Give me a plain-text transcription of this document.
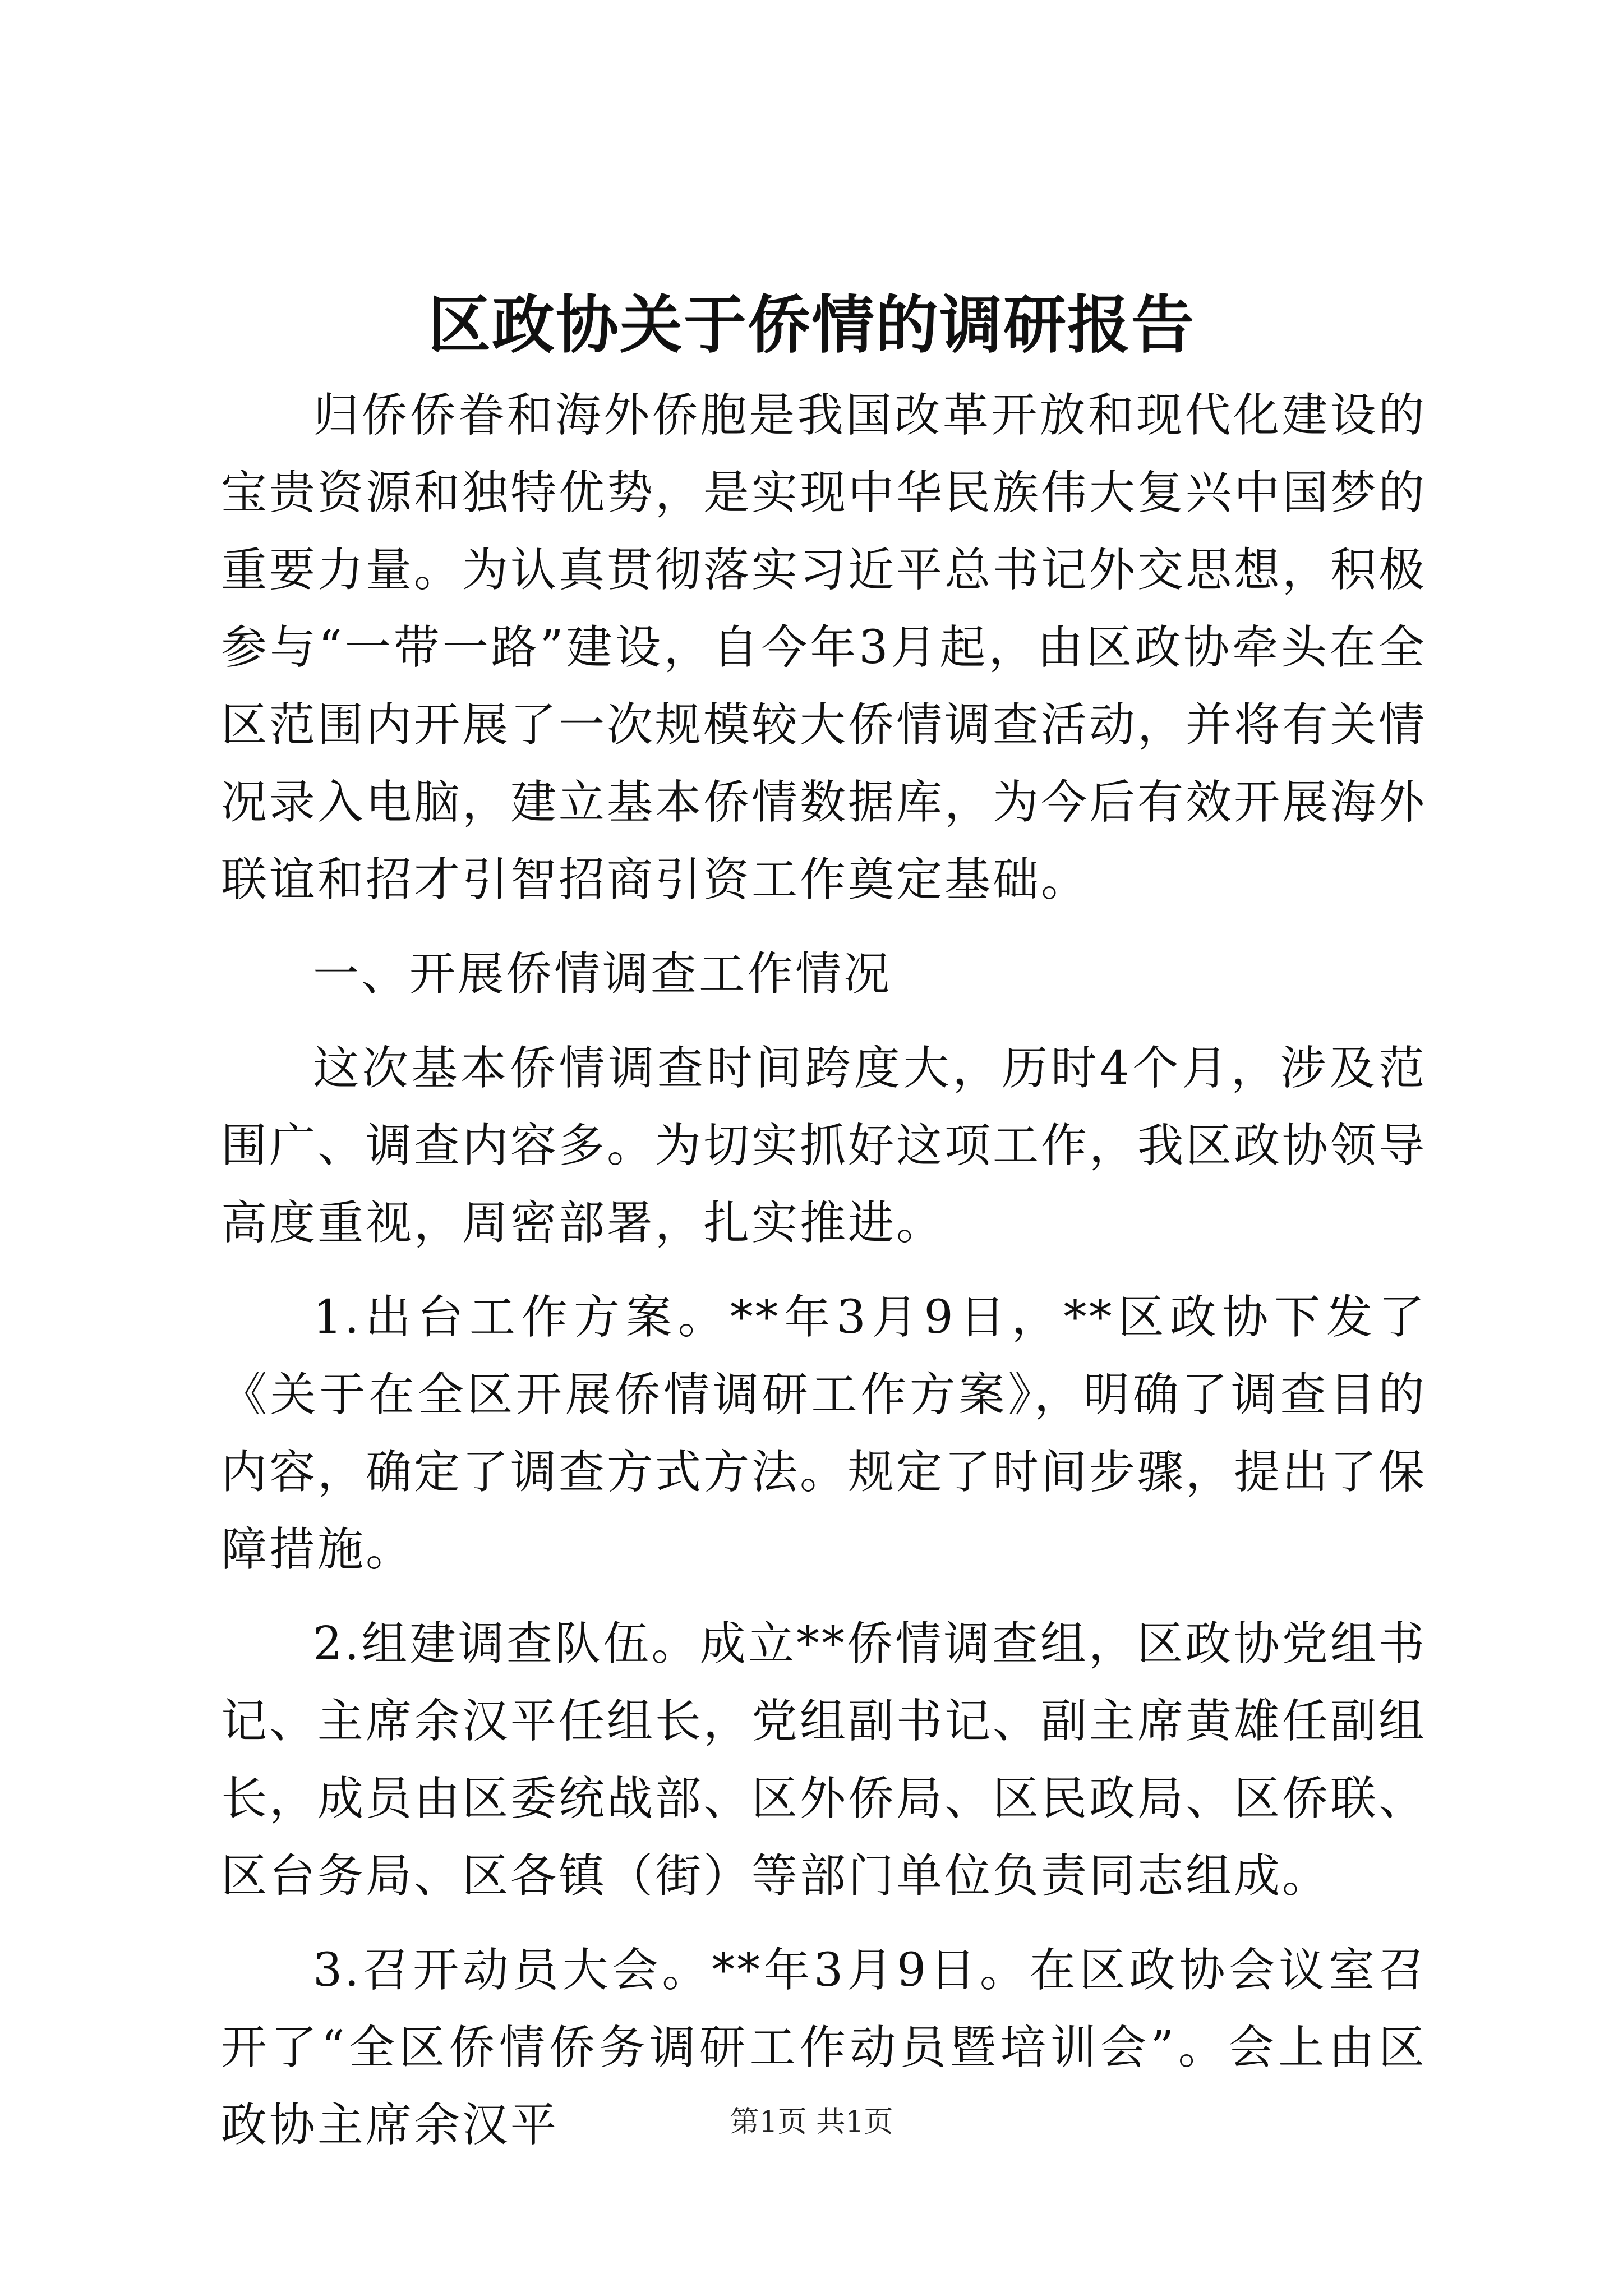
区政协关于侨情的调研报告

归侨侨眷和海外侨胞是我国改革开放和现代化建设的宝贵资源和独特优势，是实现中华民族伟大复兴中国梦的重要力量。为认真贯彻落实习近平总书记外交思想，积极参与“一带一路”建设，自今年3月起，由区政协牵头在全区范围内开展了一次规模较大侨情调查活动，并将有关情况录入电脑，建立基本侨情数据库，为今后有效开展海外联谊和招才引智招商引资工作奠定基础。

一、开展侨情调查工作情况

这次基本侨情调查时间跨度大，历时4个月，涉及范围广、调查内容多。为切实抓好这项工作，我区政协领导高度重视，周密部署，扎实推进。

1.出台工作方案。**年3月9日，**区政协下发了《关于在全区开展侨情调研工作方案》，明确了调查目的内容，确定了调查方式方法。规定了时间步骤，提出了保障措施。

2.组建调查队伍。成立**侨情调查组，区政协党组书记、主席余汉平任组长，党组副书记、副主席黄雄任副组长，成员由区委统战部、区外侨局、区民政局、区侨联、区台务局、区各镇（街）等部门单位负责同志组成。

3.召开动员大会。**年3月9日。在区政协会议室召开了“全区侨情侨务调研工作动员暨培训会”。会上由区政协主席余汉平	第1页 共1页
